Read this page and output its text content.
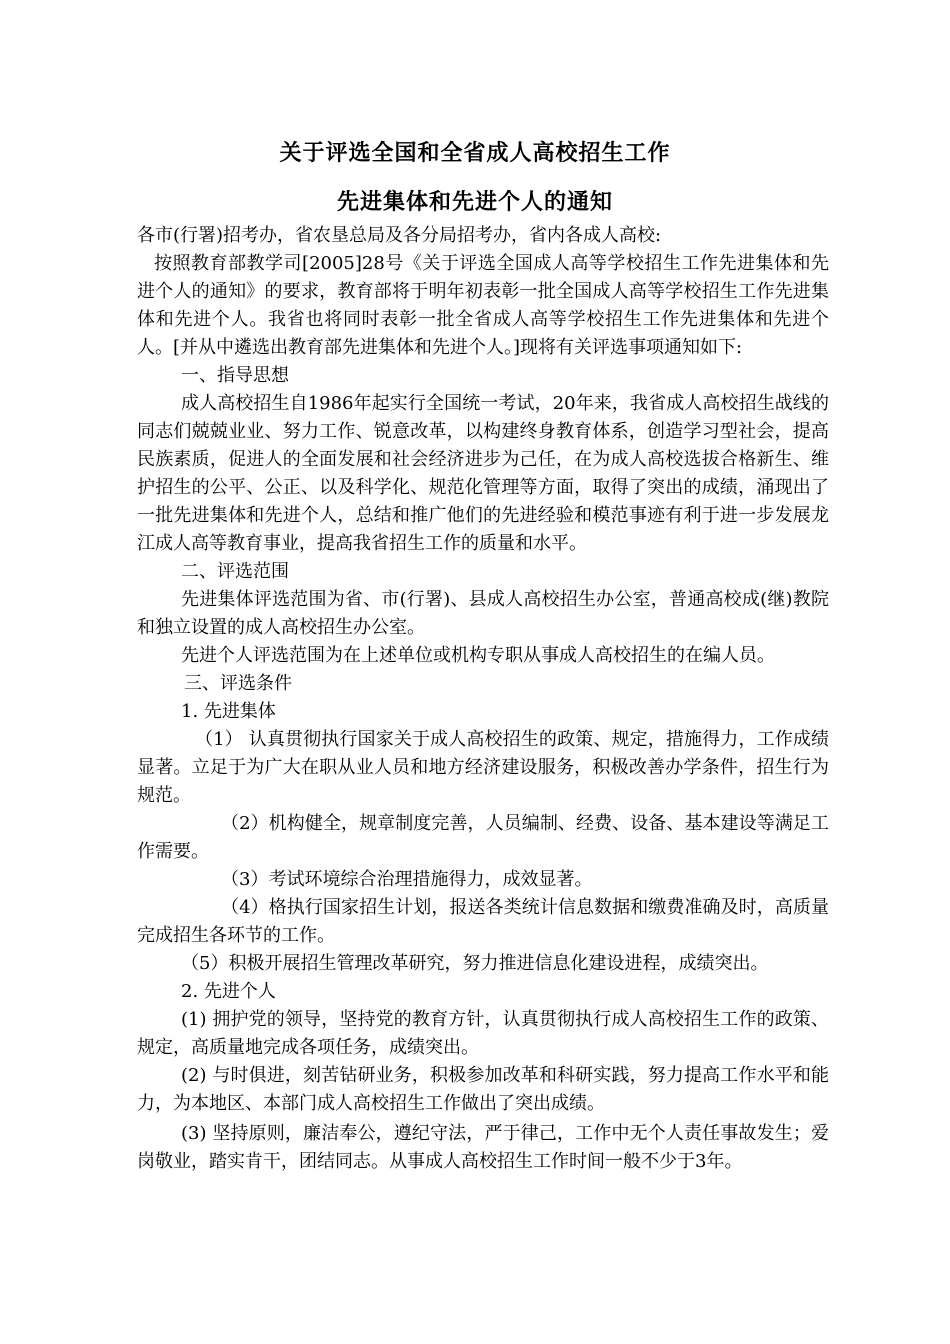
关于评选全国和全省成人高校招生工作
先进集体和先进个人的通知

各市(行署)招考办，省农垦总局及各分局招考办，省内各成人高校:

按照教育部教学司[2005]28号《关于评选全国成人高等学校招生工作先进集体和先进个人的通知》的要求，教育部将于明年初表彰一批全国成人高等学校招生工作先进集体和先进个人。我省也将同时表彰一批全省成人高等学校招生工作先进集体和先进个人。[并从中遴选出教育部先进集体和先进个人。]现将有关评选事项通知如下:

一、指导思想

成人高校招生自1986年起实行全国统一考试，20年来，我省成人高校招生战线的同志们兢兢业业、努力工作、锐意改革，以构建终身教育体系，创造学习型社会，提高民族素质，促进人的全面发展和社会经济进步为己任，在为成人高校选拔合格新生、维护招生的公平、公正、以及科学化、规范化管理等方面，取得了突出的成绩，涌现出了一批先进集体和先进个人，总结和推广他们的先进经验和模范事迹有利于进一步发展龙江成人高等教育事业，提高我省招生工作的质量和水平。

二、评选范围

先进集体评选范围为省、市(行署)、县成人高校招生办公室，普通高校成(继)教院和独立设置的成人高校招生办公室。

先进个人评选范围为在上述单位或机构专职从事成人高校招生的在编人员。

三、评选条件

1. 先进集体

（1） 认真贯彻执行国家关于成人高校招生的政策、规定，措施得力，工作成绩显著。立足于为广大在职从业人员和地方经济建设服务，积极改善办学条件，招生行为规范。

（2）机构健全，规章制度完善，人员编制、经费、设备、基本建设等满足工作需要。

（3）考试环境综合治理措施得力，成效显著。

（4）格执行国家招生计划，报送各类统计信息数据和缴费准确及时，高质量完成招生各环节的工作。

（5）积极开展招生管理改革研究，努力推进信息化建设进程，成绩突出。

2. 先进个人

(1) 拥护党的领导，坚持党的教育方针，认真贯彻执行成人高校招生工作的政策、规定，高质量地完成各项任务，成绩突出。

(2) 与时俱进，刻苦钻研业务，积极参加改革和科研实践，努力提高工作水平和能力，为本地区、本部门成人高校招生工作做出了突出成绩。

(3) 坚持原则，廉洁奉公，遵纪守法，严于律己，工作中无个人责任事故发生；爱岗敬业，踏实肯干，团结同志。从事成人高校招生工作时间一般不少于3年。
